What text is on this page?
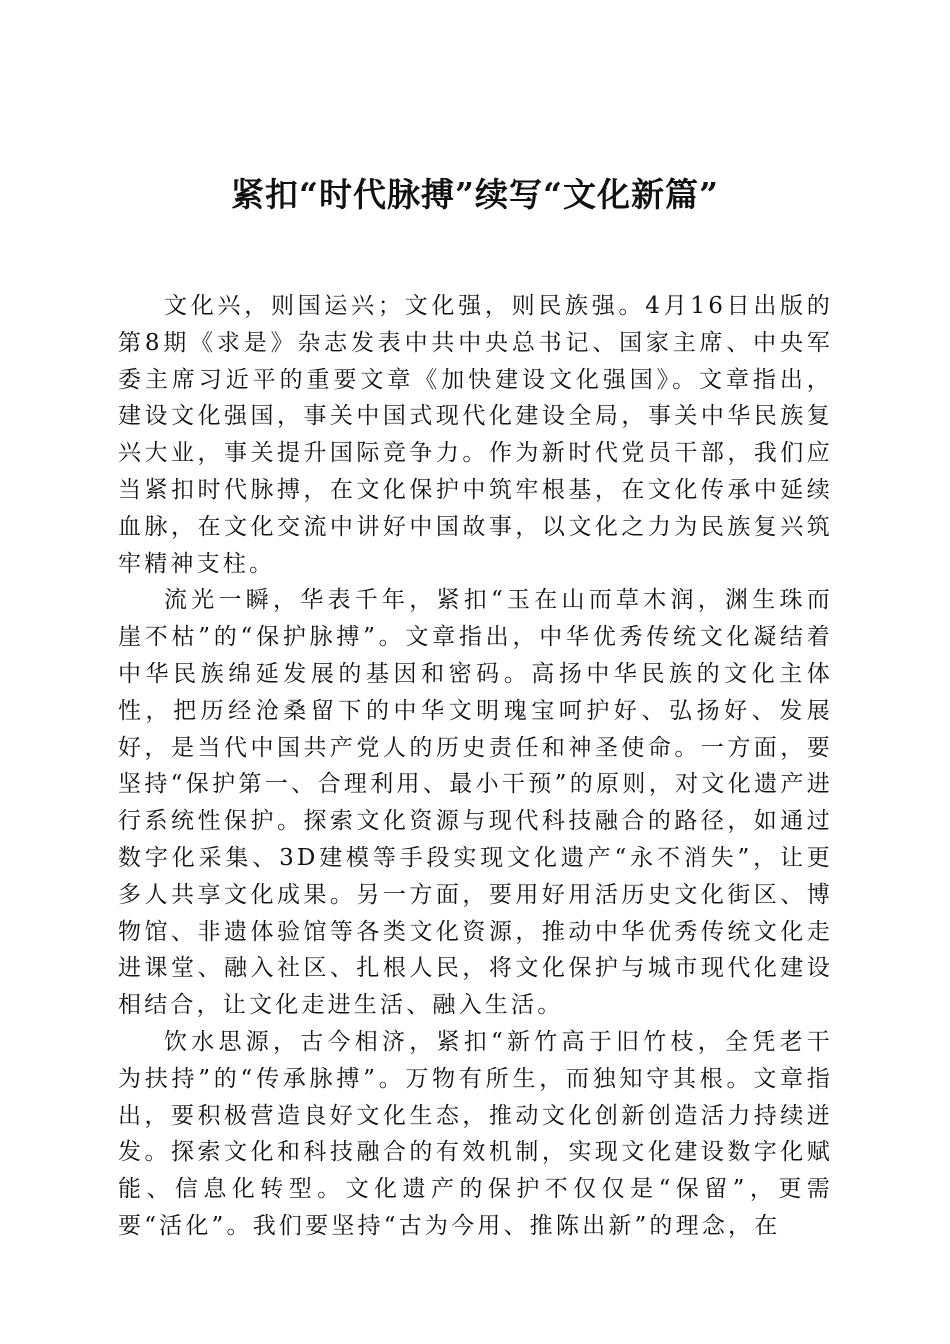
紧扣“时代脉搏”续写“文化新篇”

文化兴，则国运兴；文化强，则民族强。4月16日出版的第8期《求是》杂志发表中共中央总书记、国家主席、中央军委主席习近平的重要文章《加快建设文化强国》。文章指出，建设文化强国，事关中国式现代化建设全局，事关中华民族复兴大业，事关提升国际竞争力。作为新时代党员干部，我们应当紧扣时代脉搏，在文化保护中筑牢根基，在文化传承中延续血脉，在文化交流中讲好中国故事，以文化之力为民族复兴筑牢精神支柱。

流光一瞬，华表千年，紧扣“玉在山而草木润，渊生珠而崖不枯”的“保护脉搏”。文章指出，中华优秀传统文化凝结着中华民族绵延发展的基因和密码。高扬中华民族的文化主体性，把历经沧桑留下的中华文明瑰宝呵护好、弘扬好、发展好，是当代中国共产党人的历史责任和神圣使命。一方面，要坚持“保护第一、合理利用、最小干预”的原则，对文化遗产进行系统性保护。探索文化资源与现代科技融合的路径，如通过数字化采集、3D建模等手段实现文化遗产“永不消失”，让更多人共享文化成果。另一方面，要用好用活历史文化街区、博物馆、非遗体验馆等各类文化资源，推动中华优秀传统文化走进课堂、融入社区、扎根人民，将文化保护与城市现代化建设相结合，让文化走进生活、融入生活。

饮水思源，古今相济，紧扣“新竹高于旧竹枝，全凭老干为扶持”的“传承脉搏”。万物有所生，而独知守其根。文章指出，要积极营造良好文化生态，推动文化创新创造活力持续迸发。探索文化和科技融合的有效机制，实现文化建设数字化赋能、信息化转型。文化遗产的保护不仅仅是“保留”，更需要“活化”。我们要坚持“古为今用、推陈出新”的理念，在
